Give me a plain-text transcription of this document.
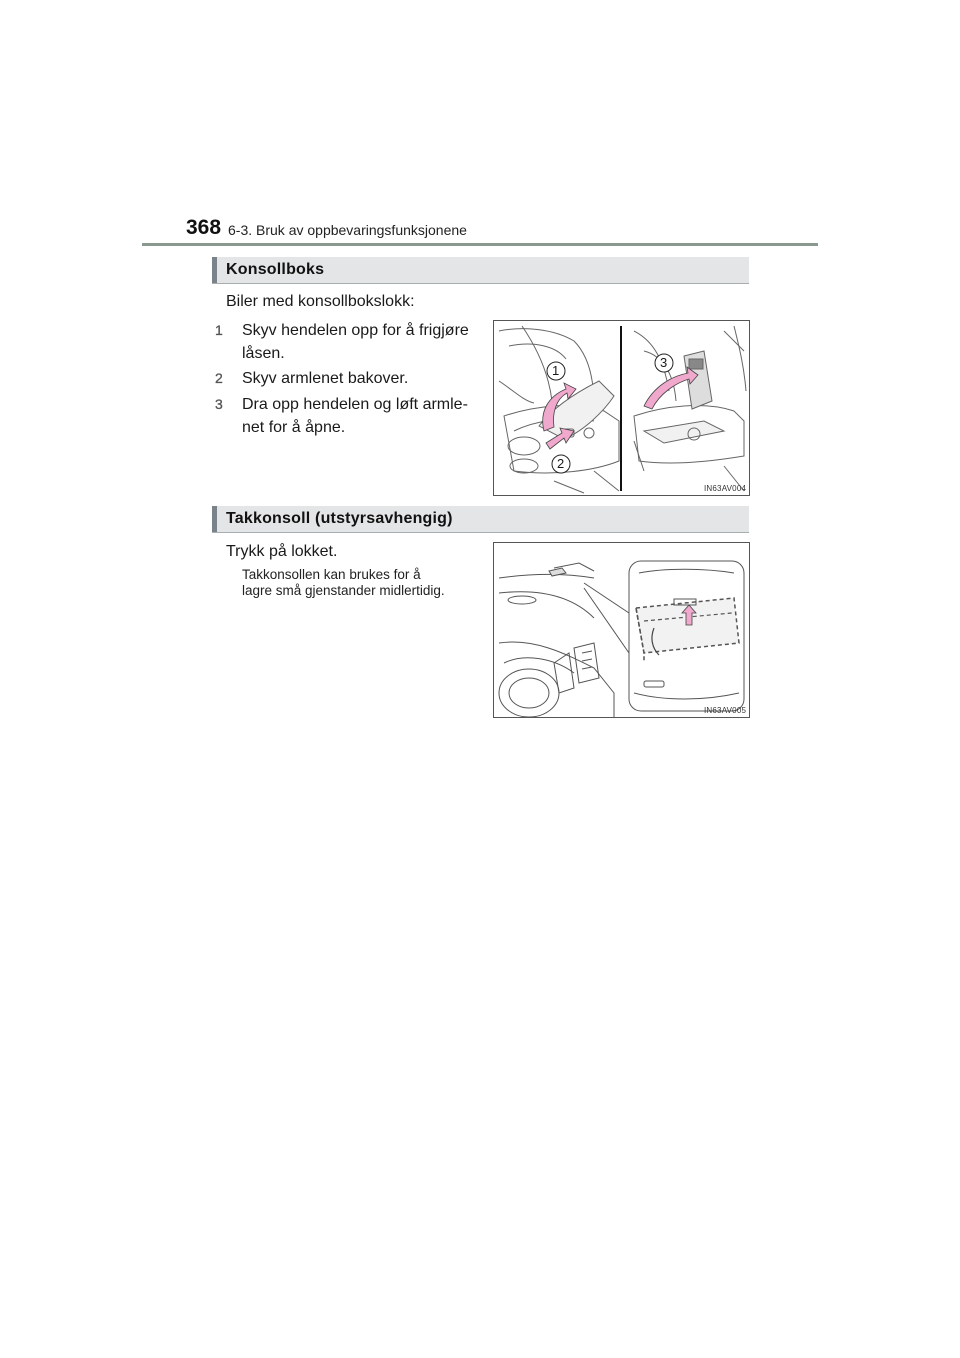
368 6-3. Bruk av oppbevaringsfunksjonene
Konsollboks
Biler med konsollbokslokk:
1 Skyv hendelen opp for å frigjøre
låsen.
2 Skyv armlenet bakover.
3 Dra opp hendelen og løft armle-
net for å åpne.
1
2
3
IN63AV004
Takkonsoll (utstyrsavhengig)
Trykk på lokket.
Takkonsollen kan brukes for å
lagre små gjenstander midlertidig.
IN63AV005
